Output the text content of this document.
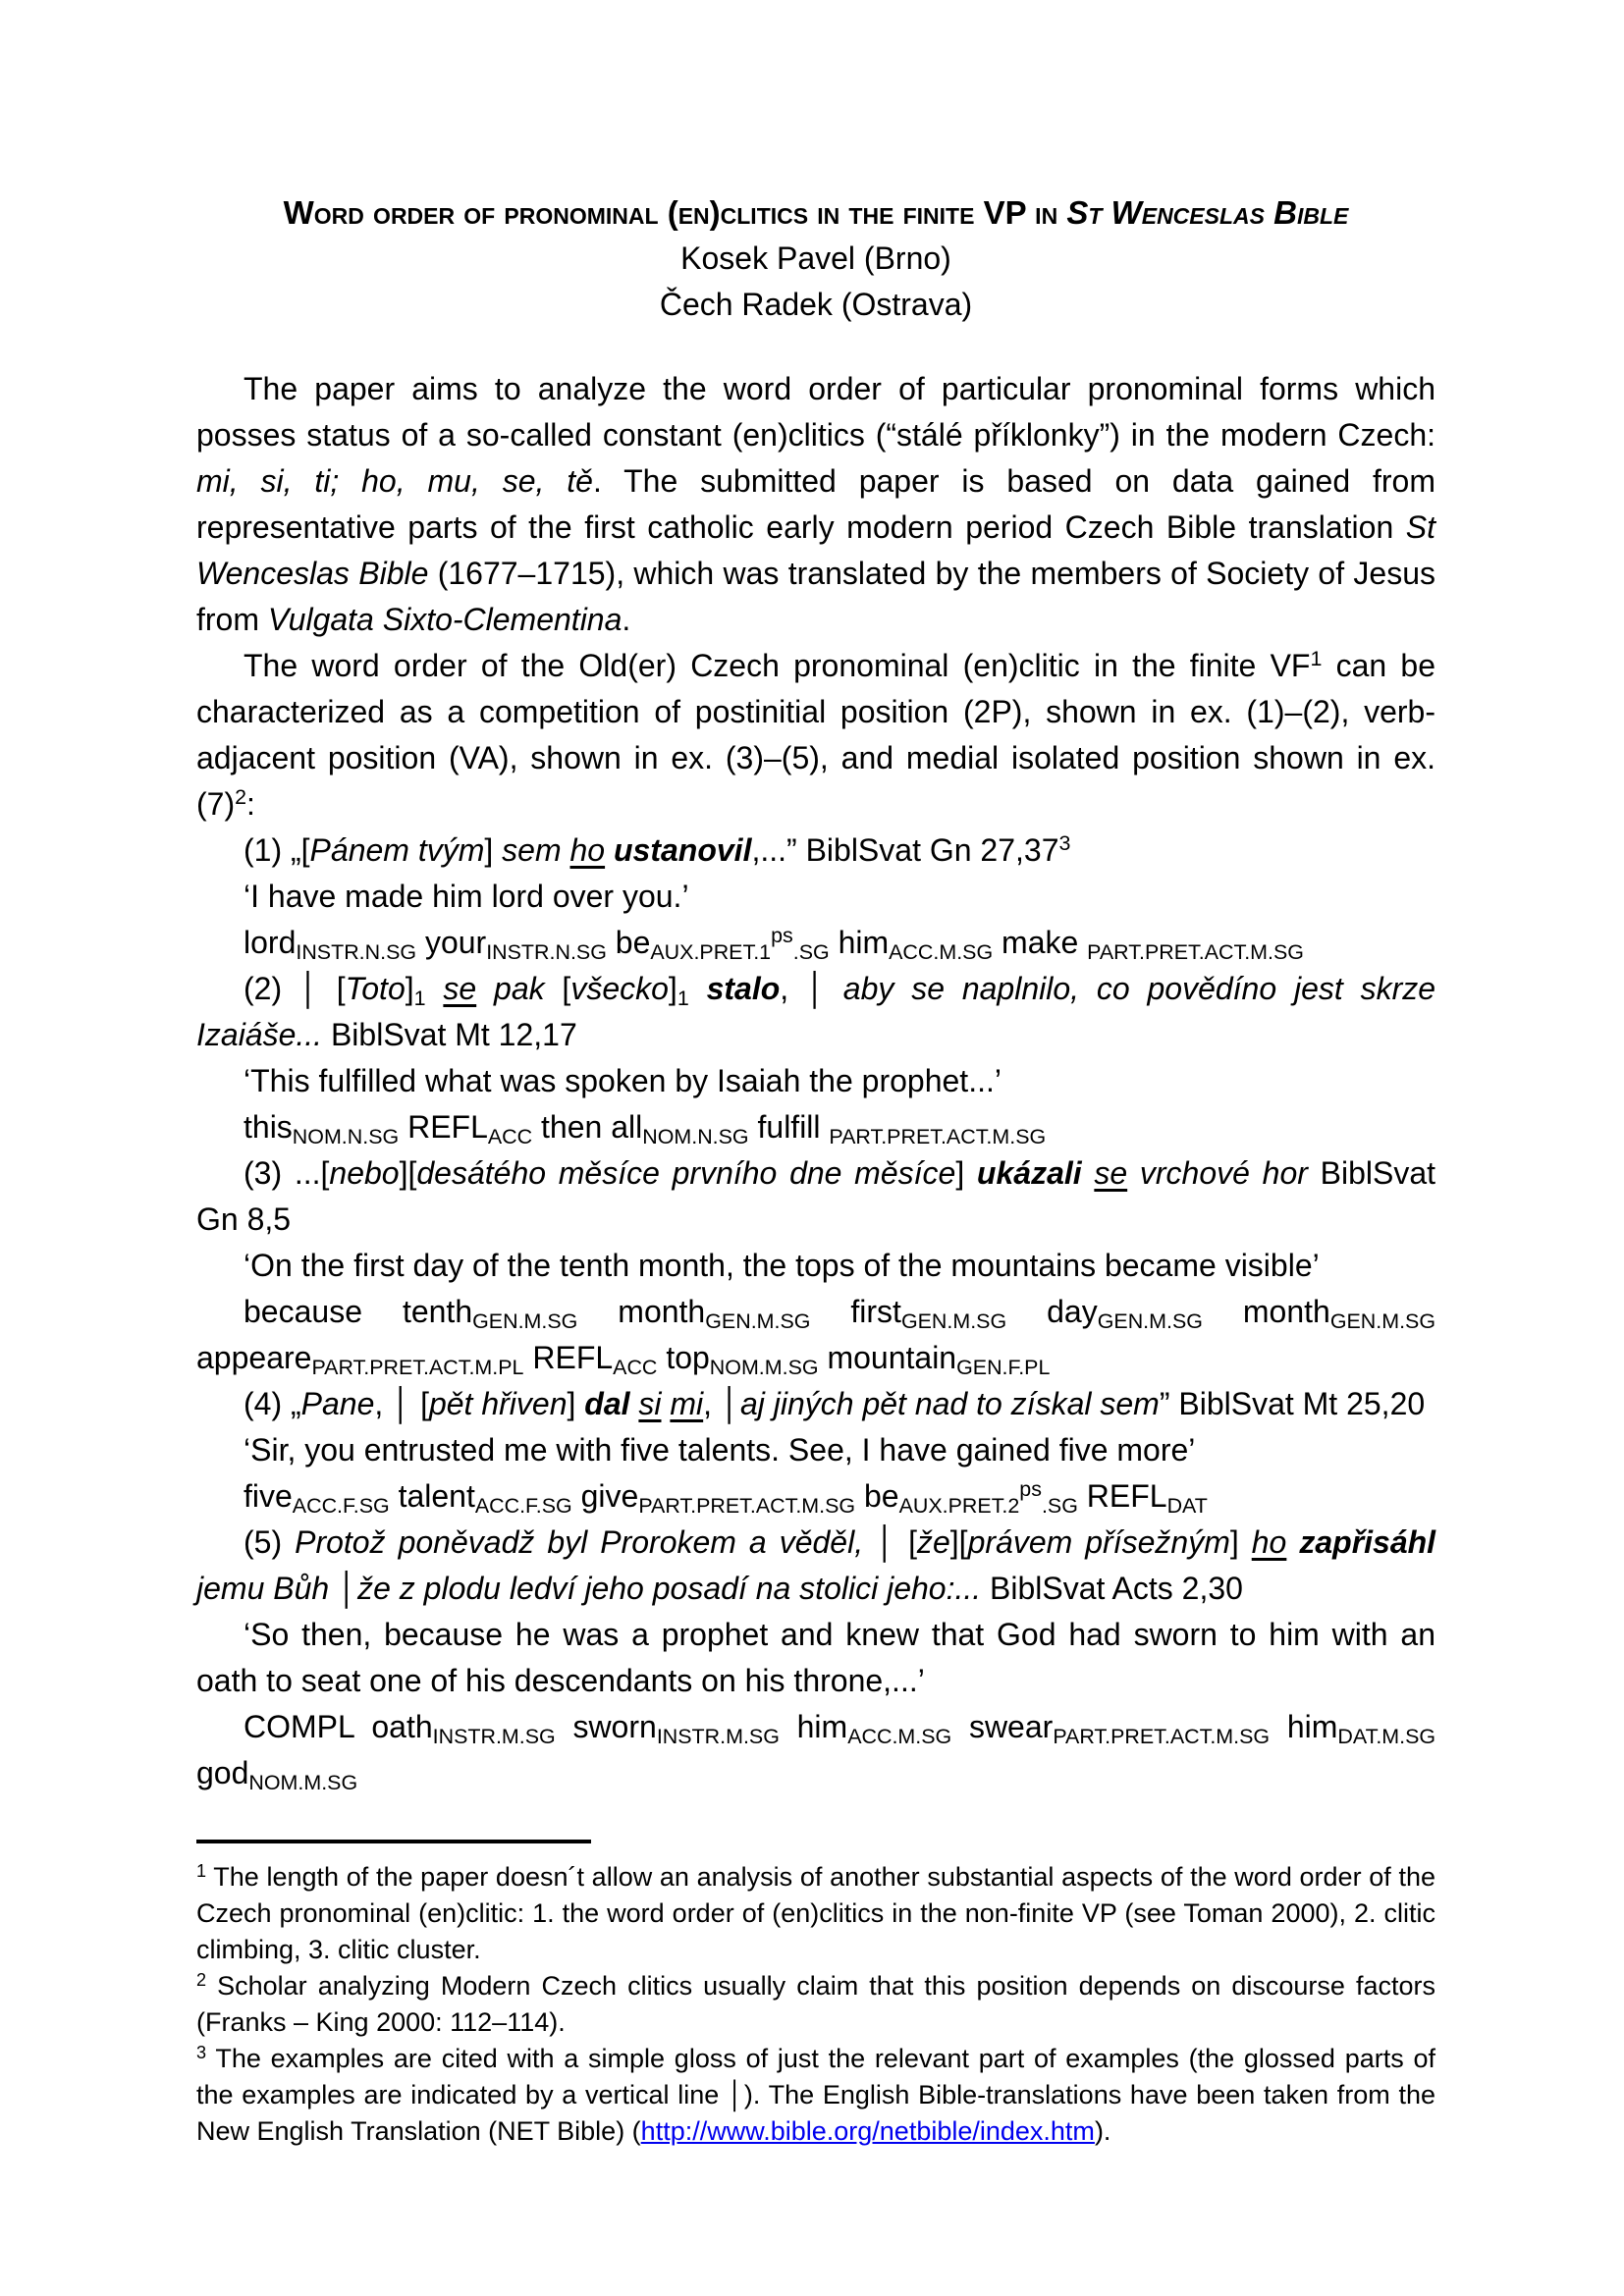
Word order of pronominal (en)clitics in the finite VP in St Wenceslas Bible

Kosek Pavel (Brno)

Čech Radek (Ostrava)

The paper aims to analyze the word order of particular pronominal forms which posses status of a so-called constant (en)clitics (“stálé příklonky”) in the modern Czech: mi, si, ti; ho, mu, se, tě. The submitted paper is based on data gained from representative parts of the first catholic early modern period Czech Bible translation St Wenceslas Bible (1677–1715), which was translated by the members of Society of Jesus from Vulgata Sixto-Clementina.

The word order of the Old(er) Czech pronominal (en)clitic in the finite $VF^1$ can be characterized as a competition of postinitial position (2P), shown in ex. (1)–(2), verb-adjacent position (VA), shown in ex. (3)–(5), and medial isolated position shown in ex. $(7)^2$:

(1) „[Pánem tvým] sem ho ustanovil,...” BiblSvat Gn 27,37$^3$

‘I have made him lord over you.’

lordINSTR.N.SG yourINSTR.N.SG $beAUX.PRET.1^{ps}.SG$ himACC.M.SG make PART.PRET.ACT.M.SG

(2) │ [Toto]1 se pak [všecko]1 stalo, │ aby se naplnilo, co povědíno jest skrze Izaiáše... BiblSvat Mt 12,17

‘This fulfilled what was spoken by Isaiah the prophet...’

thisNOM.N.SG REFLACC then allNOM.N.SG fulfill PART.PRET.ACT.M.SG

(3) ...[nebo][desátého měsíce prvního dne měsíce] ukázali se vrchové hor BiblSvat Gn 8,5

‘On the first day of the tenth month, the tops of the mountains became visible’

because tenthGEN.M.SG monthGEN.M.SG firstGEN.M.SG dayGEN.M.SG monthGEN.M.SG appearePART.PRET.ACT.M.PL REFLACC topNOM.M.SG mountainGEN.F.PL

(4) „Pane, │ [pět hřiven] dal si mi, │aj jiných pět nad to získal sem” BiblSvat Mt 25,20

‘Sir, you entrusted me with five talents. See, I have gained five more’

fiveACC.F.SG talentACC.F.SG givePART.PRET.ACT.M.SG $beAUX.PRET.2^{ps}.SG$ REFLDAT

(5) Protož poněvadž byl Prorokem a věděl, │ [že][právem přísežným] ho zapřisáhl jemu Bůh │že z plodu ledví jeho posadí na stolici jeho:... BiblSvat Acts 2,30

‘So then, because he was a prophet and knew that God had sworn to him with an oath to seat one of his descendants on his throne,...’

COMPL oathINSTR.M.SG swornINSTR.M.SG himACC.M.SG swearPART.PRET.ACT.M.SG himDAT.M.SG godNOM.M.SG

$^1$ The length of the paper doesn´t allow an analysis of another substantial aspects of the word order of the Czech pronominal (en)clitic: 1. the word order of (en)clitics in the non-finite VP (see Toman 2000), 2. clitic climbing, 3. clitic cluster.

$^2$ Scholar analyzing Modern Czech clitics usually claim that this position depends on discourse factors (Franks – King 2000: 112–114).

$^3$ The examples are cited with a simple gloss of just the relevant part of examples (the glossed parts of the examples are indicated by a vertical line │). The English Bible-translations have been taken from the New English Translation (NET Bible) (http://www.bible.org/netbible/index.htm).
